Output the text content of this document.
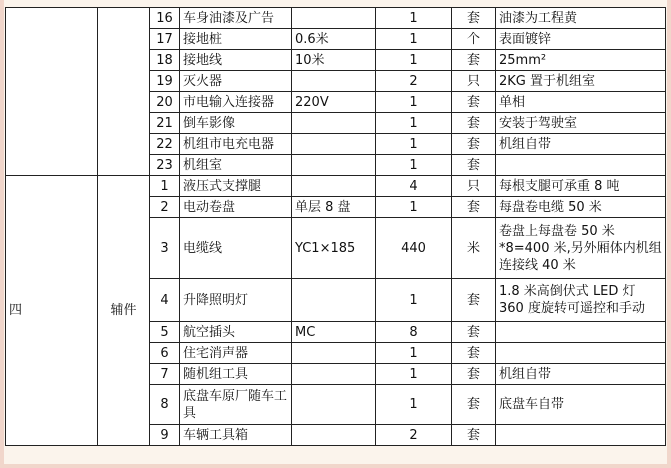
		16	车身油漆及广告		1	套	油漆为工程黄
		17	接地桩	0.6米	1	个	表面镀锌
		18	接地线	10米	1	套	25mm²
		19	灭火器		2	只	2KG 置于机组室
		20	市电输入连接器	220V	1	套	单相
		21	倒车影像		1	套	安装于驾驶室
		22	机组市电充电器		1	套	机组自带
		23	机组室		1	套	
四	辅件	1	液压式支撑腿		4	只	每根支腿可承重 8 吨
		2	电动卷盘	单层 8 盘	1	套	每盘卷电缆 50 米
		3	电缆线	YC1×185	440	米	卷盘上每盘卷 50 米*8=400 米,另外厢体内机组连接线 40 米
		4	升降照明灯		1	套	1.8 米高倒伏式 LED 灯 360 度旋转可遥控和手动
		5	航空插头	MC	8	套	
		6	住宅消声器		1	套	
		7	随机组工具		1	套	机组自带
		8	底盘车原厂随车工具		1	套	底盘车自带
		9	车辆工具箱		2	套	
